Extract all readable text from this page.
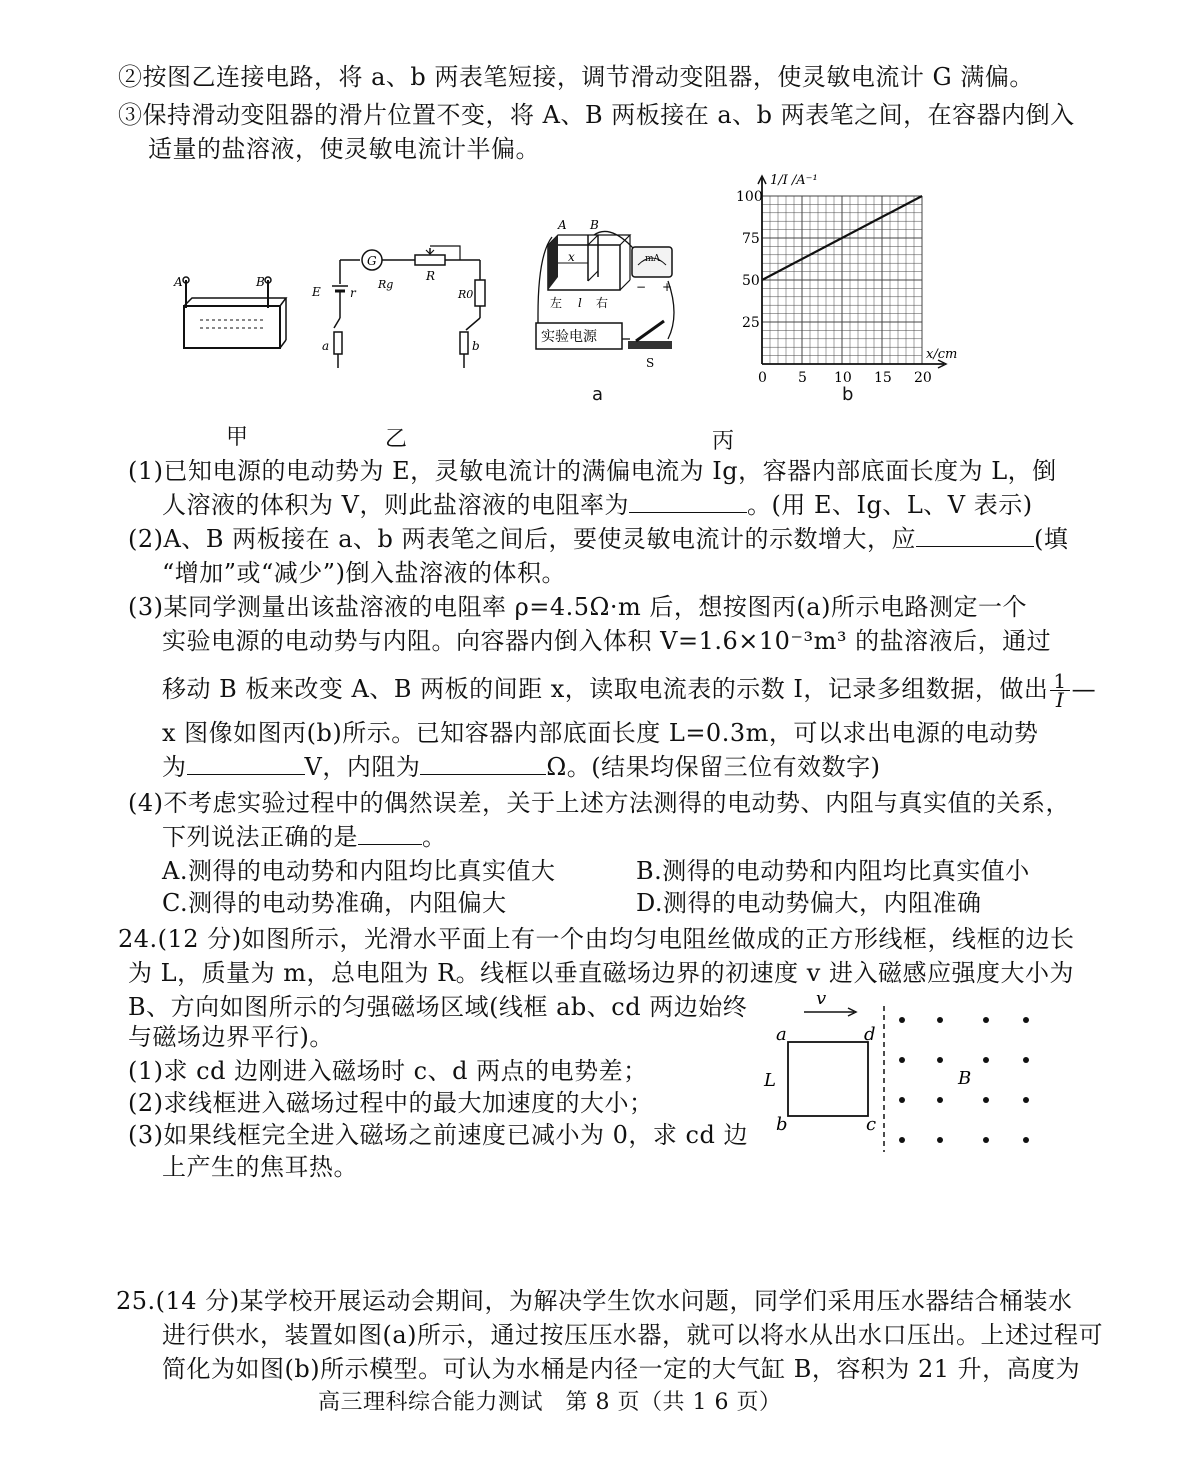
②按图乙连接电路，将 a、b 两表笔短接，调节滑动变阻器，使灵敏电流计 G 满偏。
③保持滑动变阻器的滑片位置不变，将 A、B 两板接在 a、b 两表笔之间，在容器内倒入
适量的盐溶液，使灵敏电流计半偏。
A	B
G
R
Rg
E r
a
R0
b
x
A B
左 l 右
mA
− +
实验电源
S
0 5 10 15 20
25
50
75
100
x/cm
1/I /A⁻¹
a	b
甲	乙	丙
(1)已知电源的电动势为 E，灵敏电流计的满偏电流为 Ig，容器内部底面长度为 L，倒
人溶液的体积为 V，则此盐溶液的电阻率为	。(用 E、Ig、L、V 表示)
(2)A、B 两板接在 a、b 两表笔之间后，要使灵敏电流计的示数增大，应	(填
“增加”或“减少”)倒入盐溶液的体积。
(3)某同学测量出该盐溶液的电阻率 ρ=4.5Ω·m 后，想按图丙(a)所示电路测定一个
实验电源的电动势与内阻。向容器内倒入体积 V=1.6×10⁻³m³ 的盐溶液后，通过
移动 B 板来改变 A、B 两板的间距 x，读取电流表的示数 I，记录多组数据，做出 $\frac{1}{I}$ —
x 图像如图丙(b)所示。已知容器内部底面长度 L=0.3m，可以求出电源的电动势
为	V，内阻为	Ω。(结果均保留三位有效数字)
(4)不考虑实验过程中的偶然误差，关于上述方法测得的电动势、内阻与真实值的关系，
下列说法正确的是	。
A.测得的电动势和内阻均比真实值大	B.测得的电动势和内阻均比真实值小
C.测得的电动势准确，内阻偏大	D.测得的电动势偏大，内阻准确
24.(12 分)如图所示，光滑水平面上有一个由均匀电阻丝做成的正方形线框，线框的边长
为 L，质量为 m，总电阻为 R。线框以垂直磁场边界的初速度 v 进入磁感应强度大小为
B、方向如图所示的匀强磁场区域(线框 ab、cd 两边始终
与磁场边界平行)。
(1)求 cd 边刚进入磁场时 c、d 两点的电势差；
(2)求线框进入磁场过程中的最大加速度的大小；
(3)如果线框完全进入磁场之前速度已减小为 0，求 cd 边
上产生的焦耳热。
v
a
b	c
d
L	B
25.(14 分)某学校开展运动会期间，为解决学生饮水问题，同学们采用压水器结合桶装水
进行供水，装置如图(a)所示，通过按压压水器，就可以将水从出水口压出。上述过程可
简化为如图(b)所示模型。可认为水桶是内径一定的大气缸 B，容积为 21 升，高度为
高三理科综合能力测试　第 8 页（共 1 6 页）
